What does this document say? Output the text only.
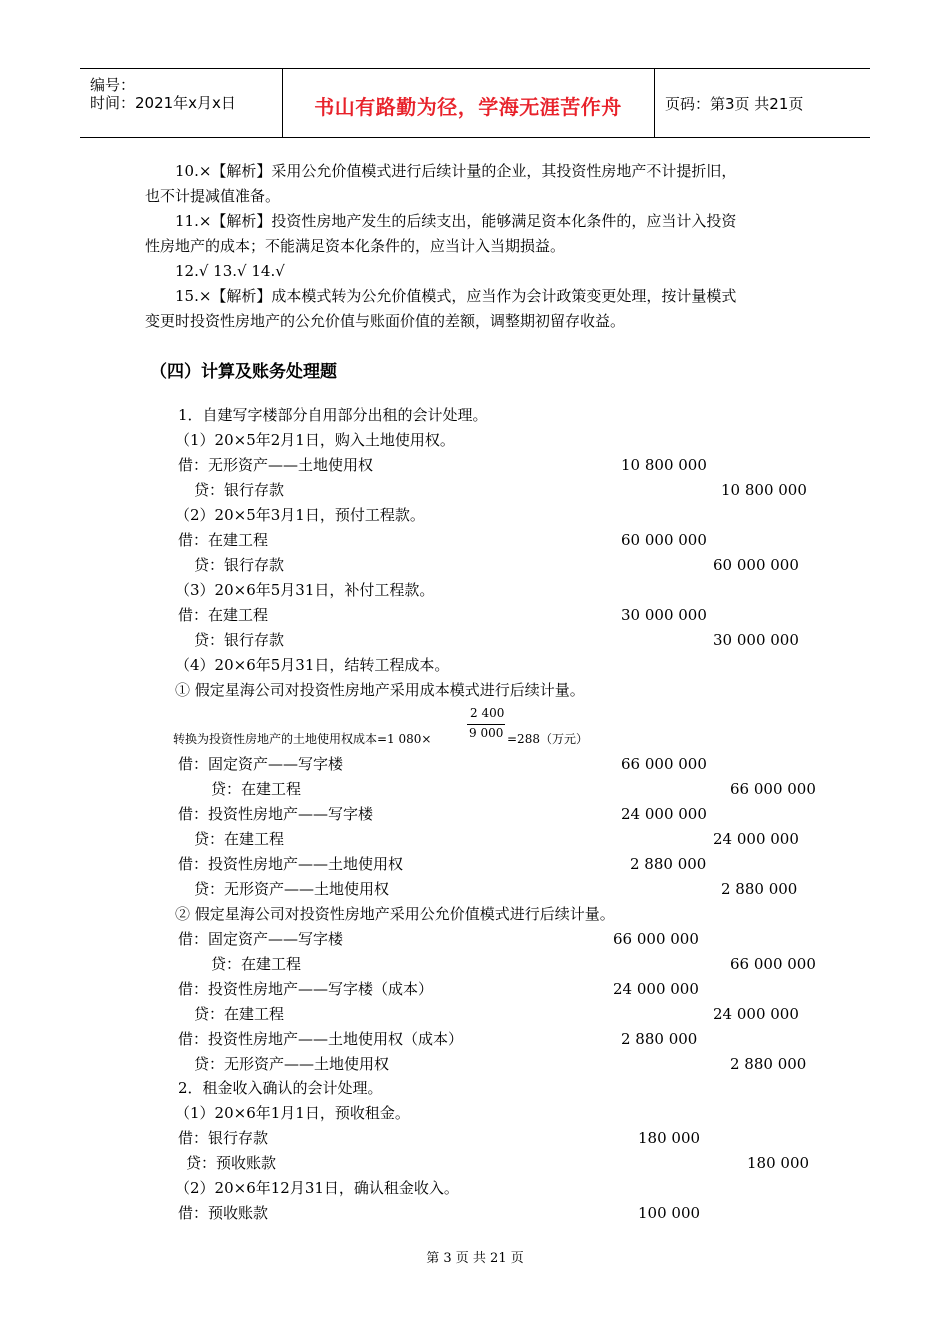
编号：
时间：2021年x月x日	书山有路勤为径，学海无涯苦作舟	页码：第3页 共21页
10.×【解析】采用公允价值模式进行后续计量的企业，其投资性房地产不计提折旧，
也不计提减值准备。
11.×【解析】投资性房地产发生的后续支出，能够满足资本化条件的，应当计入投资
性房地产的成本；不能满足资本化条件的，应当计入当期损益。
12.√ 13.√ 14.√
15.×【解析】成本模式转为公允价值模式，应当作为会计政策变更处理，按计量模式
变更时投资性房地产的公允价值与账面价值的差额，调整期初留存收益。
（四）计算及账务处理题
1．自建写字楼部分自用部分出租的会计处理。
（1）20×5年2月1日，购入土地使用权。
借：无形资产——土地使用权	10 800 000
贷：银行存款	10 800 000
（2）20×5年3月1日，预付工程款。
借：在建工程	60 000 000
贷：银行存款	60 000 000
（3）20×6年5月31日，补付工程款。
借：在建工程	30 000 000
贷：银行存款	30 000 000
（4）20×6年5月31日，结转工程成本。
① 假定星海公司对投资性房地产采用成本模式进行后续计量。
转换为投资性房地产的土地使用权成本=1 080×
2 400
9 000 =288（万元）
借：固定资产——写字楼	66 000 000
贷：在建工程	66 000 000
借：投资性房地产——写字楼	24 000 000
贷：在建工程	24 000 000
借：投资性房地产——土地使用权	2 880 000
贷：无形资产——土地使用权	2 880 000
② 假定星海公司对投资性房地产采用公允价值模式进行后续计量。
借：固定资产——写字楼	66 000 000
贷：在建工程	66 000 000
借：投资性房地产——写字楼（成本）	24 000 000
贷：在建工程	24 000 000
借：投资性房地产——土地使用权（成本）	2 880 000
贷：无形资产——土地使用权	2 880 000
2．租金收入确认的会计处理。
（1）20×6年1月1日，预收租金。
借：银行存款	180 000
贷：预收账款	180 000
（2）20×6年12月31日，确认租金收入。
借：预收账款	100 000
第 3 页 共 21 页
